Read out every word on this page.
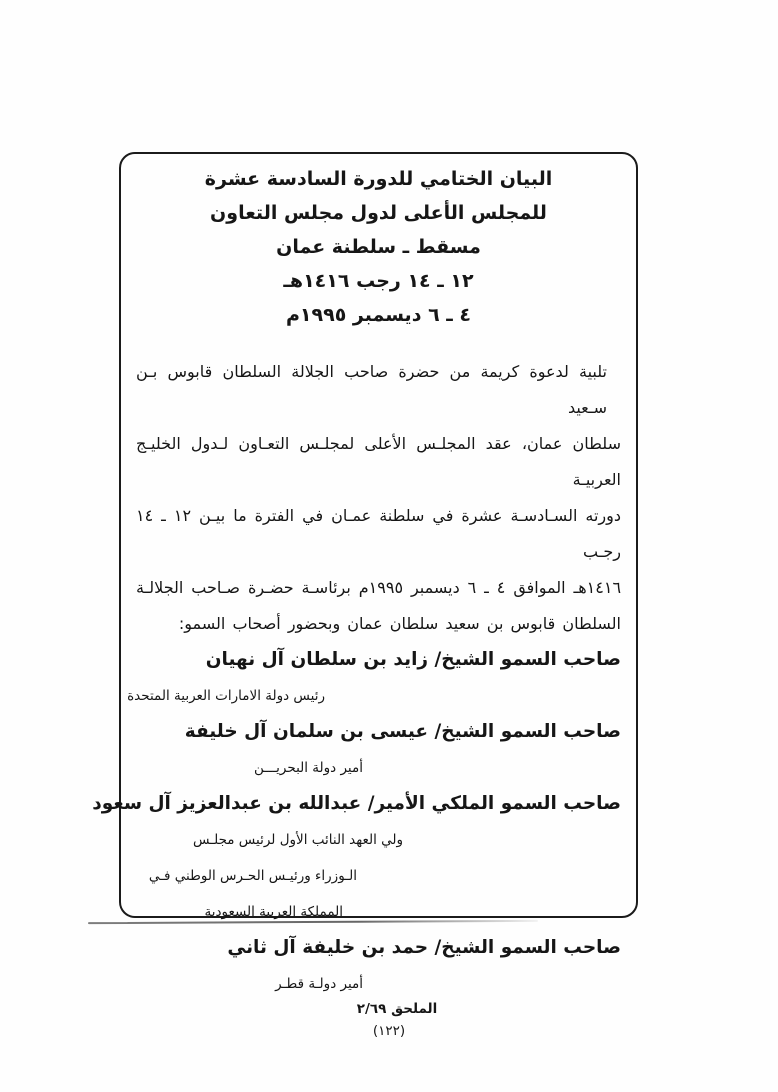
البيان الختامي للدورة السادسة عشرة
للمجلس الأعلى لدول مجلس التعاون
مسقط ـ سلطنة عمان
١٢ ـ ١٤ رجب ١٤١٦هـ
٤ ـ ٦ ديسمبر ١٩٩٥م
تلبية لدعوة كريمة من حضرة صاحب الجلالة السلطان قابوس بـن سـعيد
سلطان عمان، عقد المجلـس الأعلى لمجلـس التعـاون لـدول الخليـج العربيـة
دورته السـادسـة عشرة في سلطنة عمـان في الفترة ما بيـن ١٢ ـ ١٤ رجـب
١٤١٦هـ الموافق ٤ ـ ٦ ديسمبر ١٩٩٥م برئاسـة حضـرة صـاحب الجلالـة
السلطان قابوس بن سعيد سلطان عمان وبحضور أصحاب السمو:
صاحب السمو الشيخ/ زايد بن سلطان آل نهيان
رئيس دولة الامارات العربية المتحدة
صاحب السمو الشيخ/ عيسى بن سلمان آل خليفة
أمير دولة البحريـــن
صاحب السمو الملكي الأمير/ عبدالله بن عبدالعزيز آل سعود
ولي العهد النائب الأول لرئيس مجلـس
الـوزراء ورئيـس الحـرس الوطني فـي
المملكة العربية السعودية
صاحب السمو الشيخ/ حمد بن خليفة آل ثاني
أمير دولـة قطـر
الملحق ٢/٦٩
(١٢٢)
